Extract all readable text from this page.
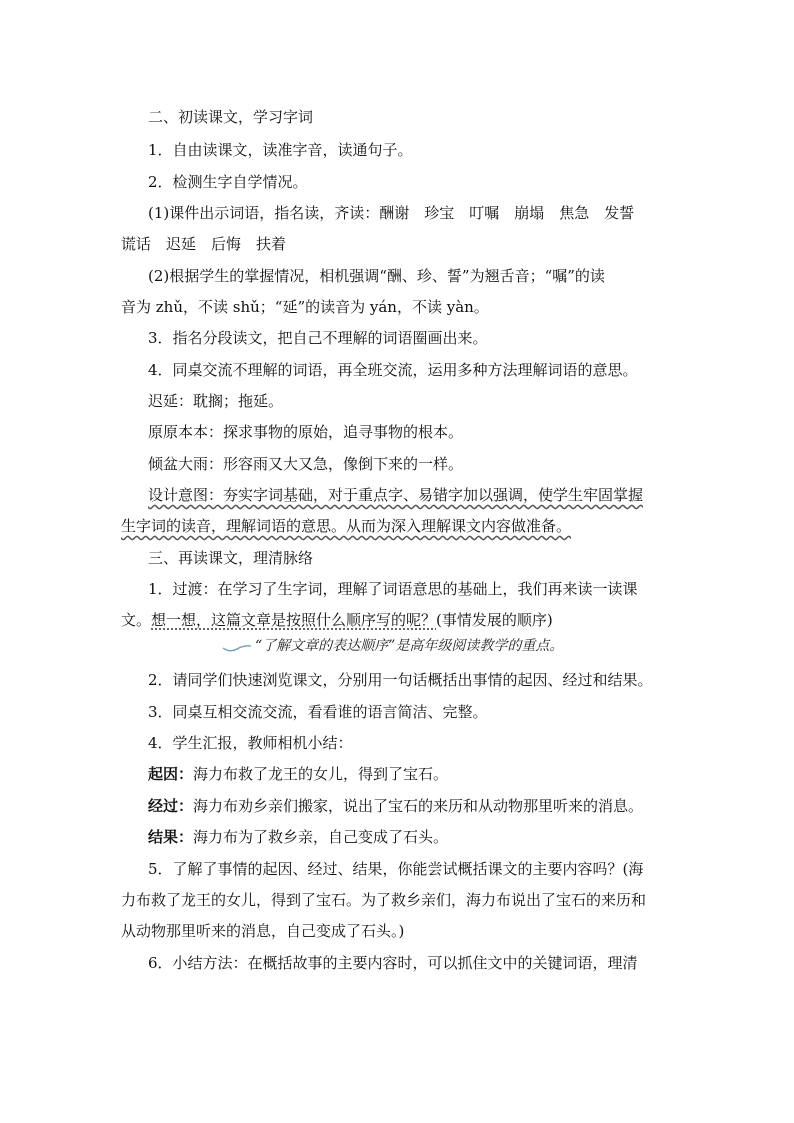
二、初读课文，学习字词
1．自由读课文，读准字音，读通句子。
2．检测生字自学情况。
(1)课件出示词语，指名读，齐读：酬谢　珍宝　叮嘱　崩塌　焦急　发誓
谎话　迟延　后悔　扶着
(2)根据学生的掌握情况，相机强调“酬、珍、誓”为翘舌音；“嘱”的读
音为 zhǔ，不读 shǔ；“延”的读音为 yán，不读 yàn。
3．指名分段读文，把自己不理解的词语圈画出来。
4．同桌交流不理解的词语，再全班交流，运用多种方法理解词语的意思。
迟延：耽搁；拖延。
原原本本：探求事物的原始，追寻事物的根本。
倾盆大雨：形容雨又大又急，像倒下来的一样。
设计意图：夯实字词基础，对于重点字、易错字加以强调，使学生牢固掌握
生字词的读音，理解词语的意思。从而为深入理解课文内容做准备。
三、再读课文，理清脉络
1．过渡：在学习了生字词，理解了词语意思的基础上，我们再来读一读课
文。想一想，这篇文章是按照什么顺序写的呢？(事情发展的顺序)
“了解文章的表达顺序”是高年级阅读教学的重点。
2．请同学们快速浏览课文，分别用一句话概括出事情的起因、经过和结果。
3．同桌互相交流交流，看看谁的语言简洁、完整。
4．学生汇报，教师相机小结：
起因：海力布救了龙王的女儿，得到了宝石。
经过：海力布劝乡亲们搬家，说出了宝石的来历和从动物那里听来的消息。
结果：海力布为了救乡亲，自己变成了石头。
5．了解了事情的起因、经过、结果，你能尝试概括课文的主要内容吗？(海
力布救了龙王的女儿，得到了宝石。为了救乡亲们，海力布说出了宝石的来历和
从动物那里听来的消息，自己变成了石头。)
6．小结方法：在概括故事的主要内容时，可以抓住文中的关键词语，理清
